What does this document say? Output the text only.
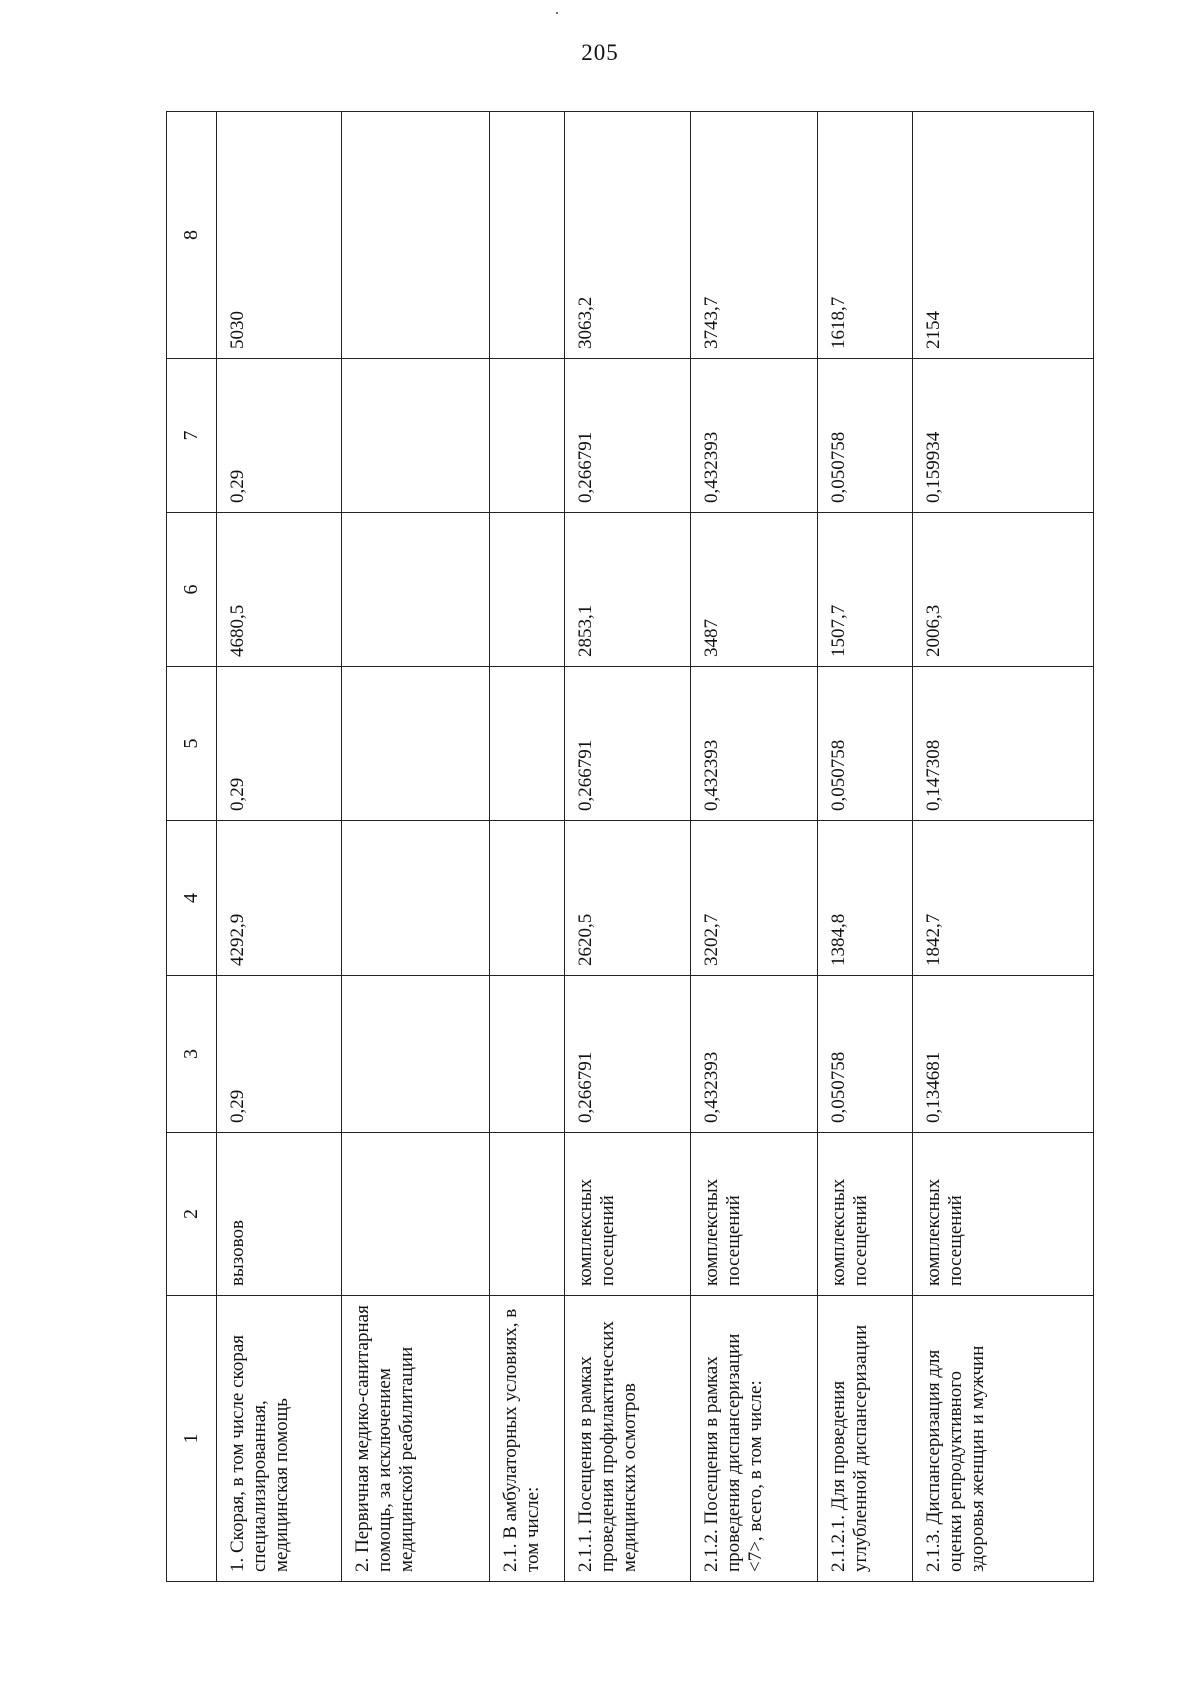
205
1	2	3	4	5	6	7	8
1. Скорая, в том числе скорая специализированная, медицинская помощь	вызовов	0,29	4292,9	0,29	4680,5	0,29	5030
2. Первичная медико-санитарная помощь, за исключением медицинской реабилитации							
2.1. В амбулаторных условиях, в том числе:							
2.1.1. Посещения в рамках проведения профилактических медицинских осмотров	комплексных посещений	0,266791	2620,5	0,266791	2853,1	0,266791	3063,2
2.1.2. Посещения в рамках проведения диспансеризации <7>, всего, в том числе:	комплексных посещений	0,432393	3202,7	0,432393	3487	0,432393	3743,7
2.1.2.1. Для проведения углубленной диспансеризации	комплексных посещений	0,050758	1384,8	0,050758	1507,7	0,050758	1618,7
2.1.3. Диспансеризация для оценки репродуктивного здоровья женщин и мужчин	комплексных посещений	0,134681	1842,7	0,147308	2006,3	0,159934	2154
